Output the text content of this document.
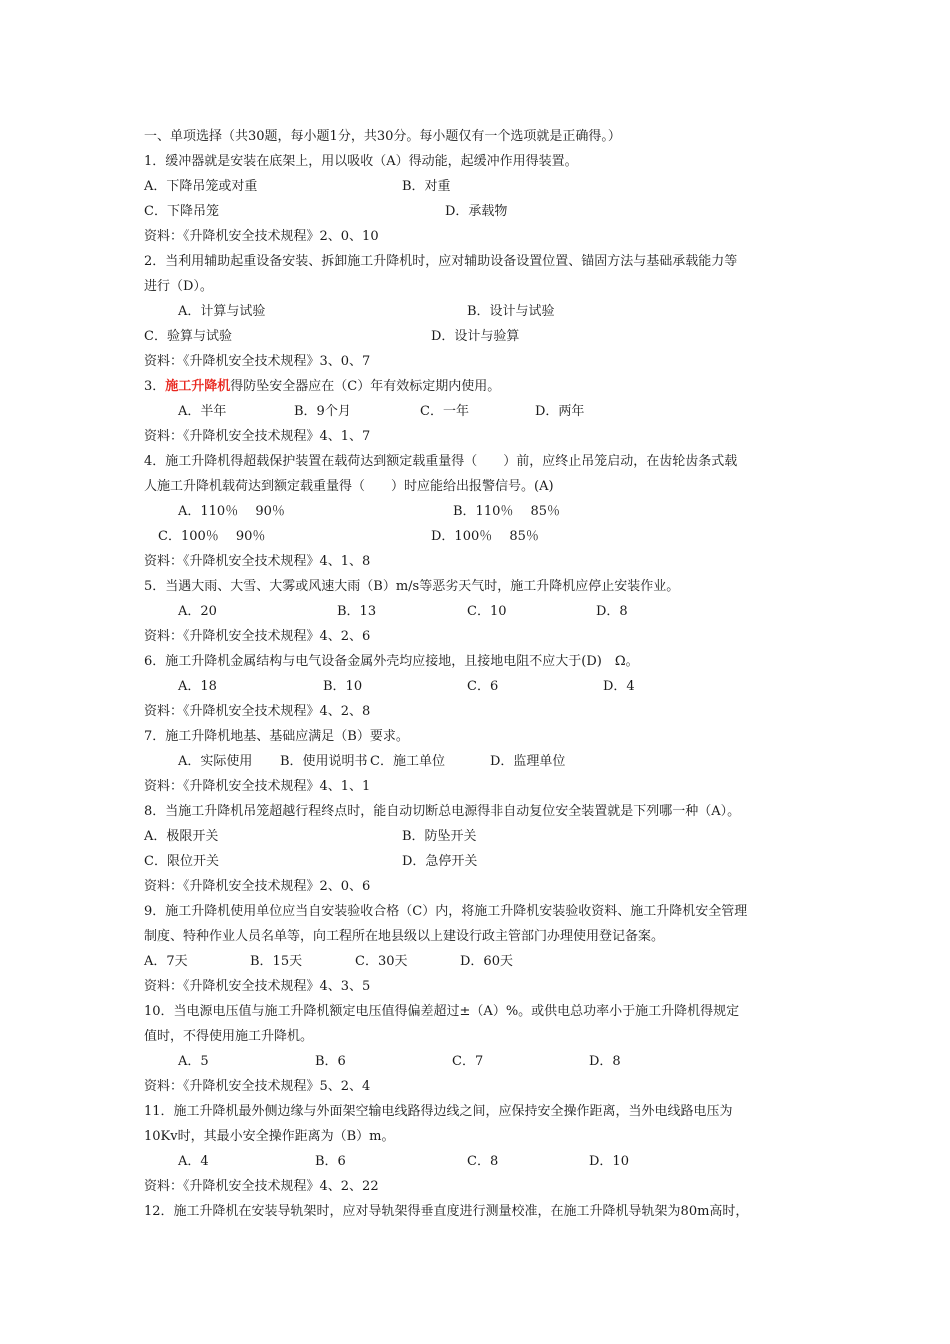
一、单项选择（共30题，每小题1分，共30分。每小题仅有一个选项就是正确得。）
1．缓冲器就是安装在底架上，用以吸收（A）得动能，起缓冲作用得装置。
A．下降吊笼或对重	B．对重
C．下降吊笼	D．承载物
资料：《升降机安全技术规程》2、0、10
2．当利用辅助起重设备安装、拆卸施工升降机时，应对辅助设备设置位置、锚固方法与基础承载能力等
进行（D）。
A．计算与试验	B．设计与试验
C．验算与试验	D．设计与验算
资料：《升降机安全技术规程》3、0、7
3．施工升降机得防坠安全器应在（C）年有效标定期内使用。
A．半年	B．9个月	C．一年	D．两年
资料：《升降机安全技术规程》4、1、7
4．施工升降机得超载保护装置在载荷达到额定载重量得（　　）前，应终止吊笼启动，在齿轮齿条式载
人施工升降机载荷达到额定载重量得（　　）时应能给出报警信号。(A)
A．110％　 90％	B．110％　 85％
C．100％　 90％	D．100％　 85％
资料：《升降机安全技术规程》4、1、8
5．当遇大雨、大雪、大雾或风速大雨（B）m/s等恶劣天气时，施工升降机应停止安装作业。
A．20	B．13	C．10	D．8
资料：《升降机安全技术规程》4、2、6
6．施工升降机金属结构与电气设备金属外壳均应接地，且接地电阻不应大于(D)　Ω。
A．18	B．10	C．6	D．4
资料：《升降机安全技术规程》4、2、8
7．施工升降机地基、基础应满足（B）要求。
A．实际使用 B．使用说明书 C．施工单位	D．监理单位
资料：《升降机安全技术规程》4、1、1
8．当施工升降机吊笼超越行程终点时，能自动切断总电源得非自动复位安全装置就是下列哪一种（A）。
A．极限开关	B．防坠开关
C．限位开关	D．急停开关
资料：《升降机安全技术规程》2、0、6
9．施工升降机使用单位应当自安装验收合格（C）内，将施工升降机安装验收资料、施工升降机安全管理
制度、特种作业人员名单等，向工程所在地县级以上建设行政主管部门办理使用登记备案。
A．7天	B．15天	C．30天	D．60天
资料：《升降机安全技术规程》4、3、5
10．当电源电压值与施工升降机额定电压值得偏差超过±（A）%。或供电总功率小于施工升降机得规定
值时，不得使用施工升降机。
A．5	B．6	C．7	D．8
资料：《升降机安全技术规程》5、2、4
11．施工升降机最外侧边缘与外面架空输电线路得边线之间，应保持安全操作距离，当外电线路电压为
10Kv时，其最小安全操作距离为（B）m。
A．4	B．6	C．8	D．10
资料：《升降机安全技术规程》4、2、22
12．施工升降机在安装导轨架时，应对导轨架得垂直度进行测量校准，在施工升降机导轨架为80m高时，
